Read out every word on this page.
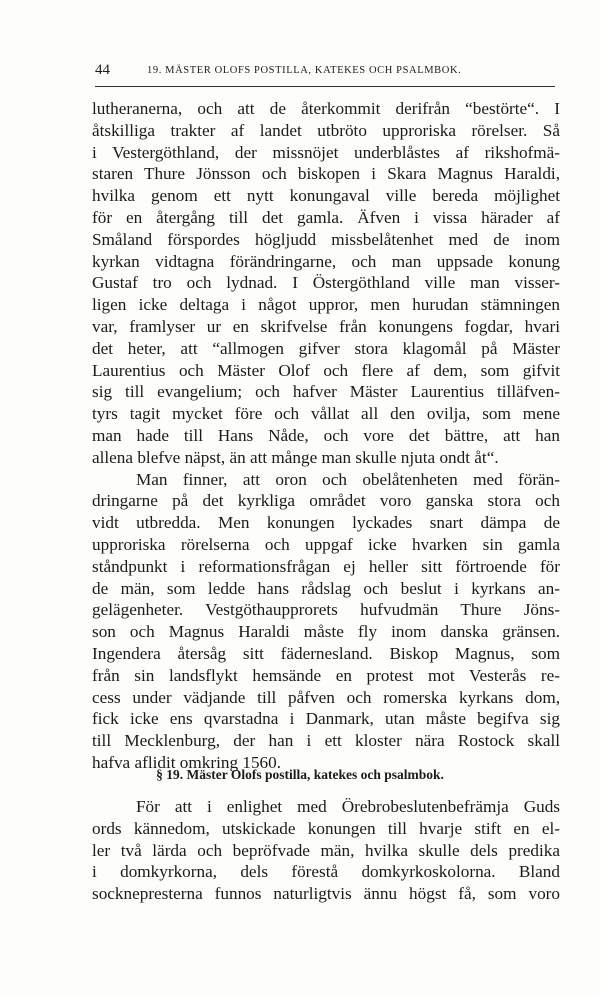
44	19. MÄSTER OLOFS POSTILLA, KATEKES OCH PSALMBOK.
lutheranerna, och att de återkommit derifrån “bestörte“. I
åtskilliga trakter af landet utbröto upproriska rörelser. Så
i Vestergöthland, der missnöjet underblåstes af rikshofmä-
staren Thure Jönsson och biskopen i Skara Magnus Haraldi,
hvilka genom ett nytt konungaval ville bereda möjlighet
för en återgång till det gamla. Äfven i vissa härader af
Småland förspordes högljudd missbelåtenhet med de inom
kyrkan vidtagna förändringarne, och man uppsade konung
Gustaf tro och lydnad. I Östergöthland ville man visser-
ligen icke deltaga i något uppror, men hurudan stämningen
var, framlyser ur en skrifvelse från konungens fogdar, hvari
det heter, att “allmogen gifver stora klagomål på Mäster
Laurentius och Mäster Olof och flere af dem, som gifvit
sig till evangelium; och hafver Mäster Laurentius tilläfven-
tyrs tagit mycket före och vållat all den ovilja, som mene
man hade till Hans Nåde, och vore det bättre, att han
allena blefve näpst, än att månge man skulle njuta ondt åt“.
Man finner, att oron och obelåtenheten med förän-
dringarne på det kyrkliga området voro ganska stora och
vidt utbredda. Men konungen lyckades snart dämpa de
upproriska rörelserna och uppgaf icke hvarken sin gamla
ståndpunkt i reformationsfrågan ej heller sitt förtroende för
de män, som ledde hans rådslag och beslut i kyrkans an-
gelägenheter. Vestgöthaupprorets hufvudmän Thure Jöns-
son och Magnus Haraldi måste fly inom danska gränsen.
Ingendera återsåg sitt fädernesland. Biskop Magnus, som
från sin landsflykt hemsände en protest mot Vesterås re-
cess under vädjande till påfven och romerska kyrkans dom,
fick icke ens qvarstadna i Danmark, utan måste begifva sig
till Mecklenburg, der han i ett kloster nära Rostock skall
hafva aflidit omkring 1560.
§ 19. Mäster Olofs postilla, katekes och psalmbok.
För att i enlighet med Örebrobeslutenbefrämja Guds
ords kännedom, utskickade konungen till hvarje stift en el-
ler två lärda och bepröfvade män, hvilka skulle dels predika
i domkyrkorna, dels förestå domkyrkoskolorna. Bland
socknepresterna funnos naturligtvis ännu högst få, som voro
